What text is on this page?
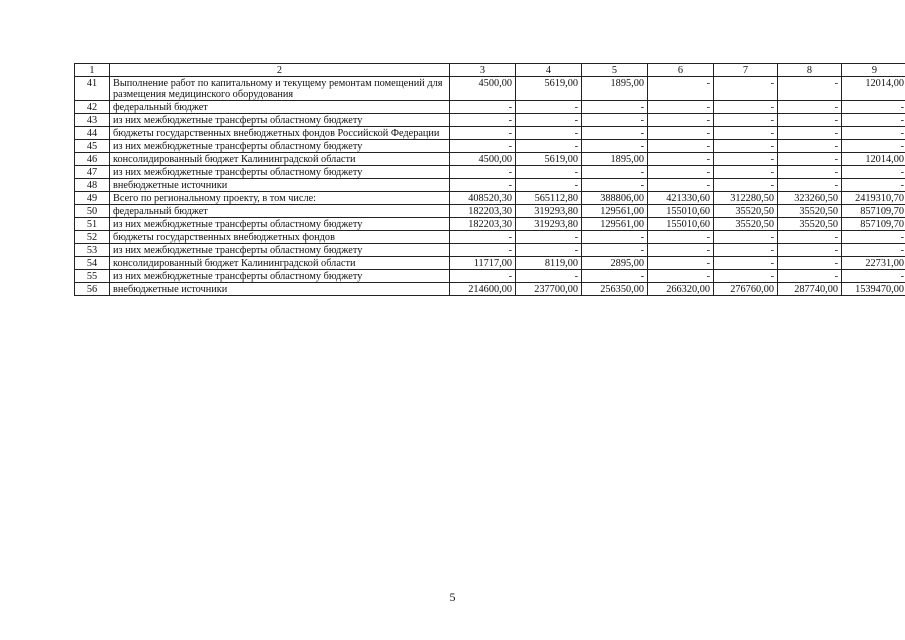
1	2	3	4	5	6	7	8	9
41	Выполнение работ по капитальному и текущему ремонтам помещений для размещения медицинского оборудования	4500,00	5619,00	1895,00	-	-	-	12014,00
42	федеральный бюджет	-	-	-	-	-	-	-
43	из них межбюджетные трансферты областному бюджету	-	-	-	-	-	-	-
44	бюджеты государственных внебюджетных фондов Российской Федерации	-	-	-	-	-	-	-
45	из них межбюджетные трансферты областному бюджету	-	-	-	-	-	-	-
46	консолидированный бюджет Калининградской области	4500,00	5619,00	1895,00	-	-	-	12014,00
47	из них межбюджетные трансферты областному бюджету	-	-	-	-	-	-	-
48	внебюджетные источники	-	-	-	-	-	-	-
49	Всего по региональному проекту, в том числе:	408520,30	565112,80	388806,00	421330,60	312280,50	323260,50	2419310,70
50	федеральный бюджет	182203,30	319293,80	129561,00	155010,60	35520,50	35520,50	857109,70
51	из них межбюджетные трансферты областному бюджету	182203,30	319293,80	129561,00	155010,60	35520,50	35520,50	857109,70
52	бюджеты государственных внебюджетных фондов	-	-	-	-	-	-	-
53	из них межбюджетные трансферты областному бюджету	-	-	-	-	-	-	-
54	консолидированный бюджет Калининградской области	11717,00	8119,00	2895,00	-	-	-	22731,00
55	из них межбюджетные трансферты областному бюджету	-	-	-	-	-	-	-
56	внебюджетные источники	214600,00	237700,00	256350,00	266320,00	276760,00	287740,00	1539470,00
5
